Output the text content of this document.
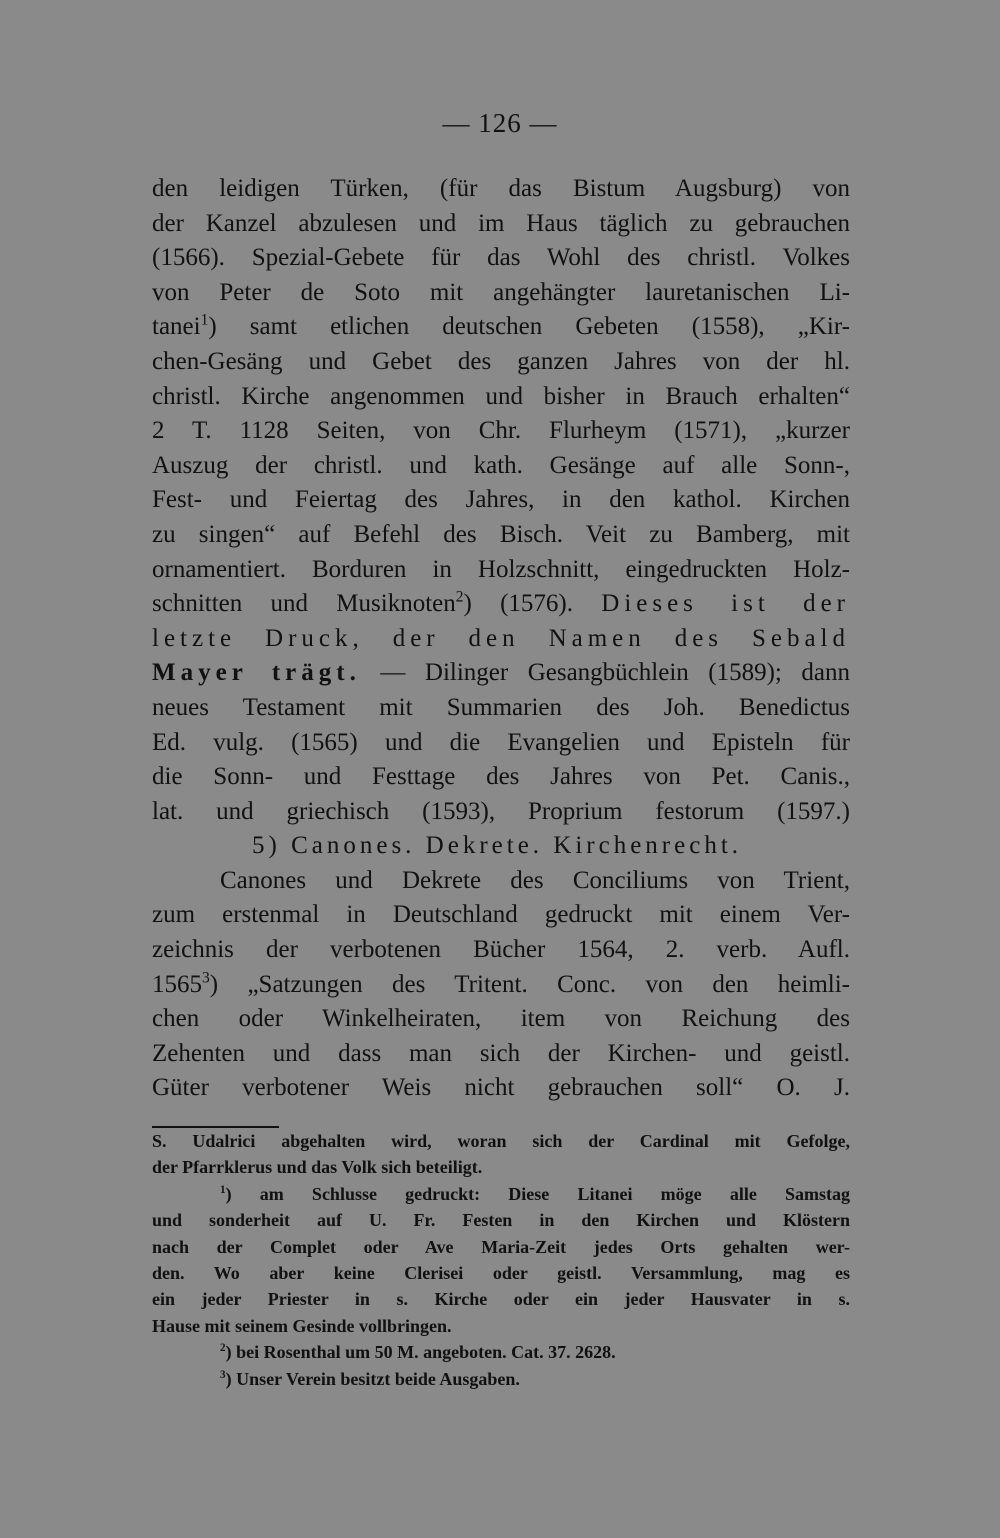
— 126 —
den leidigen Türken, (für das Bistum Augsburg) von
der Kanzel abzulesen und im Haus täglich zu gebrauchen
(1566). Spezial-Gebete für das Wohl des christl. Volkes
von Peter de Soto mit angehängter lauretanischen Li-
tanei$^1$) samt etlichen deutschen Gebeten (1558), „Kir-
chen-Gesäng und Gebet des ganzen Jahres von der hl.
christl. Kirche angenommen und bisher in Brauch erhalten“
2 T. 1128 Seiten, von Chr. Flurheym (1571), „kurzer
Auszug der christl. und kath. Gesänge auf alle Sonn-,
Fest- und Feiertag des Jahres, in den kathol. Kirchen
zu singen“ auf Befehl des Bisch. Veit zu Bamberg, mit
ornamentiert. Borduren in Holzschnitt, eingedruckten Holz-
schnitten und Musiknoten$^2$) (1576). Dieses ist der
letzte Druck, der den Namen des Sebald
Mayer trägt. — Dilinger Gesangbüchlein (1589); dann
neues Testament mit Summarien des Joh. Benedictus
Ed. vulg. (1565) und die Evangelien und Episteln für
die Sonn- und Festtage des Jahres von Pet. Canis.,
lat. und griechisch (1593), Proprium festorum (1597.)
5) Canones. Dekrete. Kirchenrecht.
Canones und Dekrete des Conciliums von Trient,
zum erstenmal in Deutschland gedruckt mit einem Ver-
zeichnis der verbotenen Bücher 1564, 2. verb. Aufl.
1565$^3$) „Satzungen des Tritent. Conc. von den heimli-
chen oder Winkelheiraten, item von Reichung des
Zehenten und dass man sich der Kirchen- und geistl.
Güter verbotener Weis nicht gebrauchen soll“ O. J.
S. Udalrici abgehalten wird, woran sich der Cardinal mit Gefolge,
der Pfarrklerus und das Volk sich beteiligt.
$^1$) am Schlusse gedruckt: Diese Litanei möge alle Samstag
und sonderheit auf U. Fr. Festen in den Kirchen und Klöstern
nach der Complet oder Ave Maria-Zeit jedes Orts gehalten wer-
den. Wo aber keine Clerisei oder geistl. Versammlung, mag es
ein jeder Priester in s. Kirche oder ein jeder Hausvater in s.
Hause mit seinem Gesinde vollbringen.
$^2$) bei Rosenthal um 50 M. angeboten. Cat. 37. 2628.
$^3$) Unser Verein besitzt beide Ausgaben.
